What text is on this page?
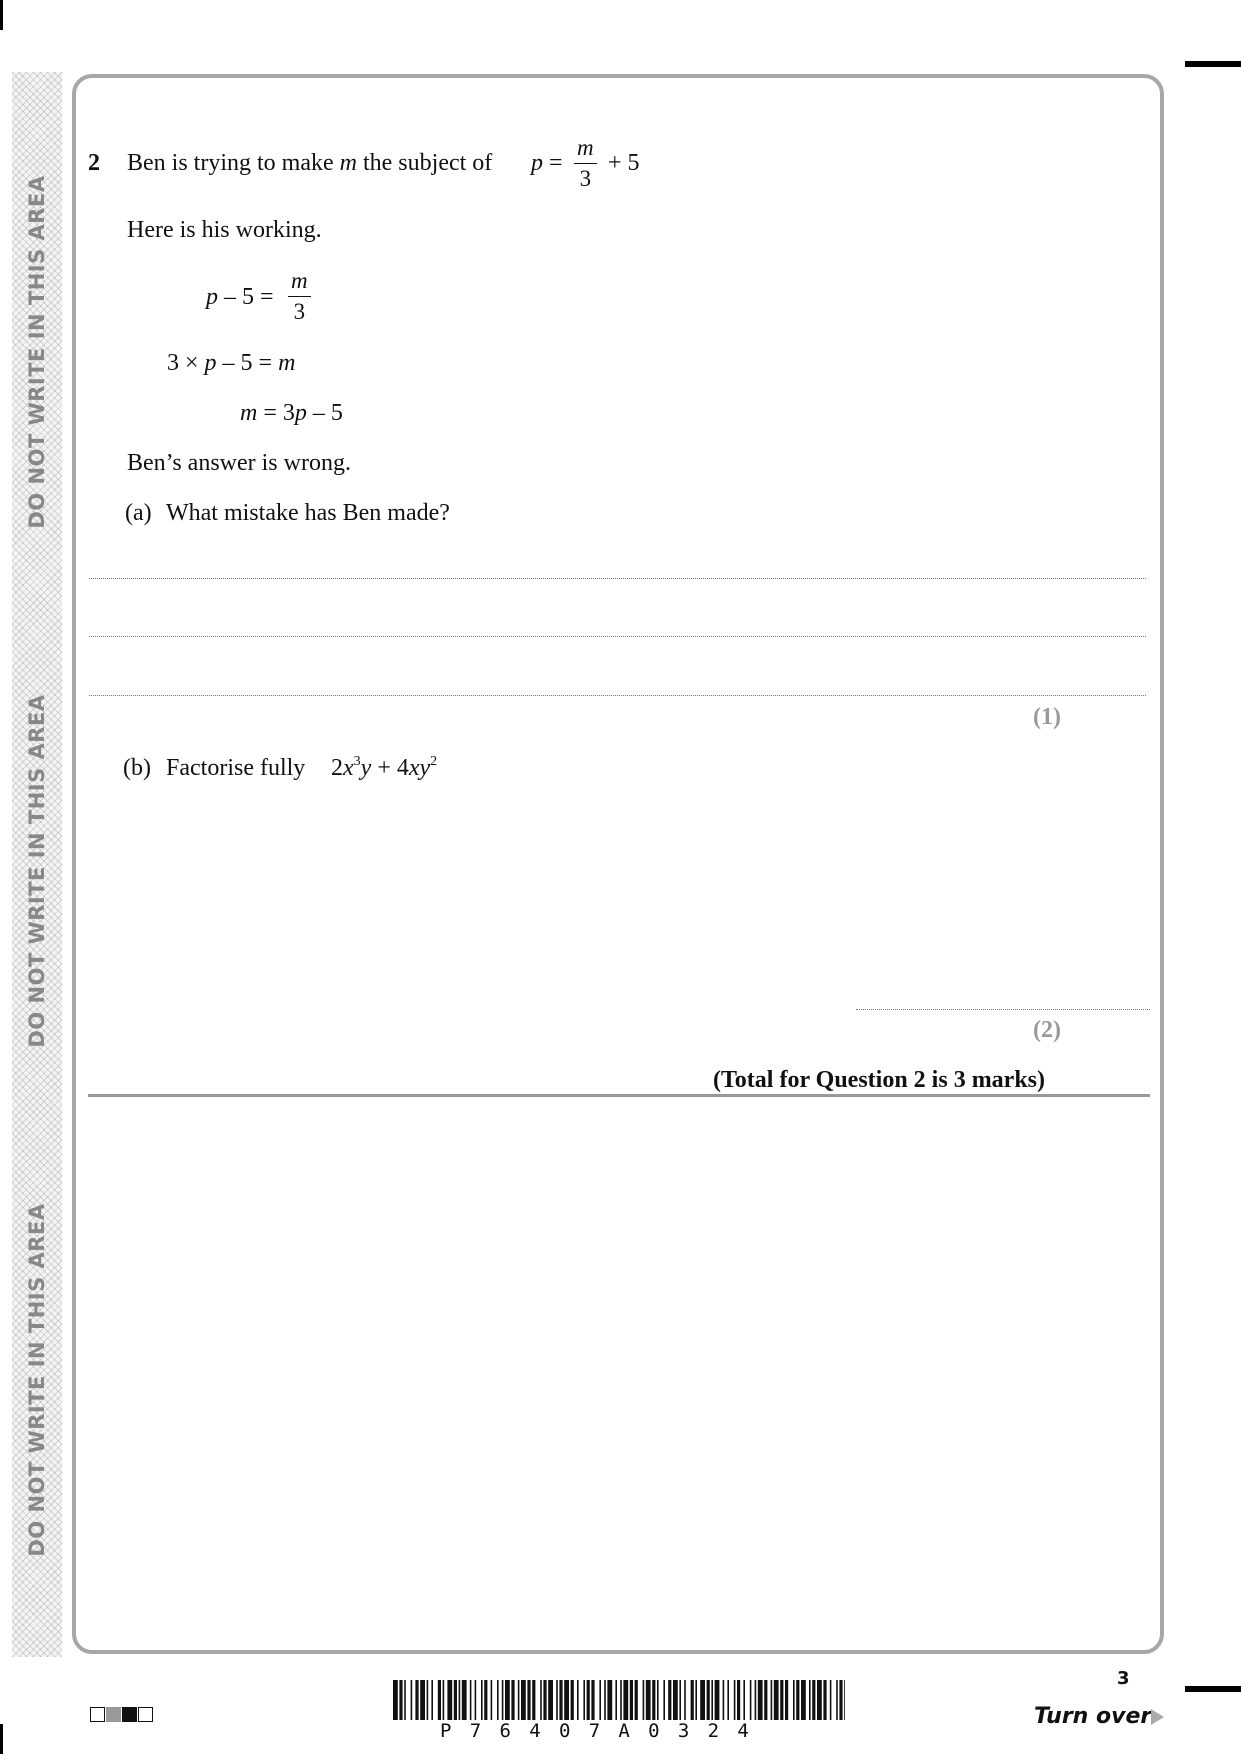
DO NOT WRITE IN THIS AREA
DO NOT WRITE IN THIS AREA
DO NOT WRITE IN THIS AREA
2 Ben is trying to make m the subject of $p = \frac{m}{3} + 5$
Here is his working.
$p - 5 = \frac{m}{3}$
3 × p – 5 = m
m = 3p – 5
Ben’s answer is wrong.
(a) What mistake has Ben made?
(1)
(b) Factorise fully $2x^3y + 4xy^2$
(2)
(Total for Question 2 is 3 marks)
P76407A0324
3
Turn over
